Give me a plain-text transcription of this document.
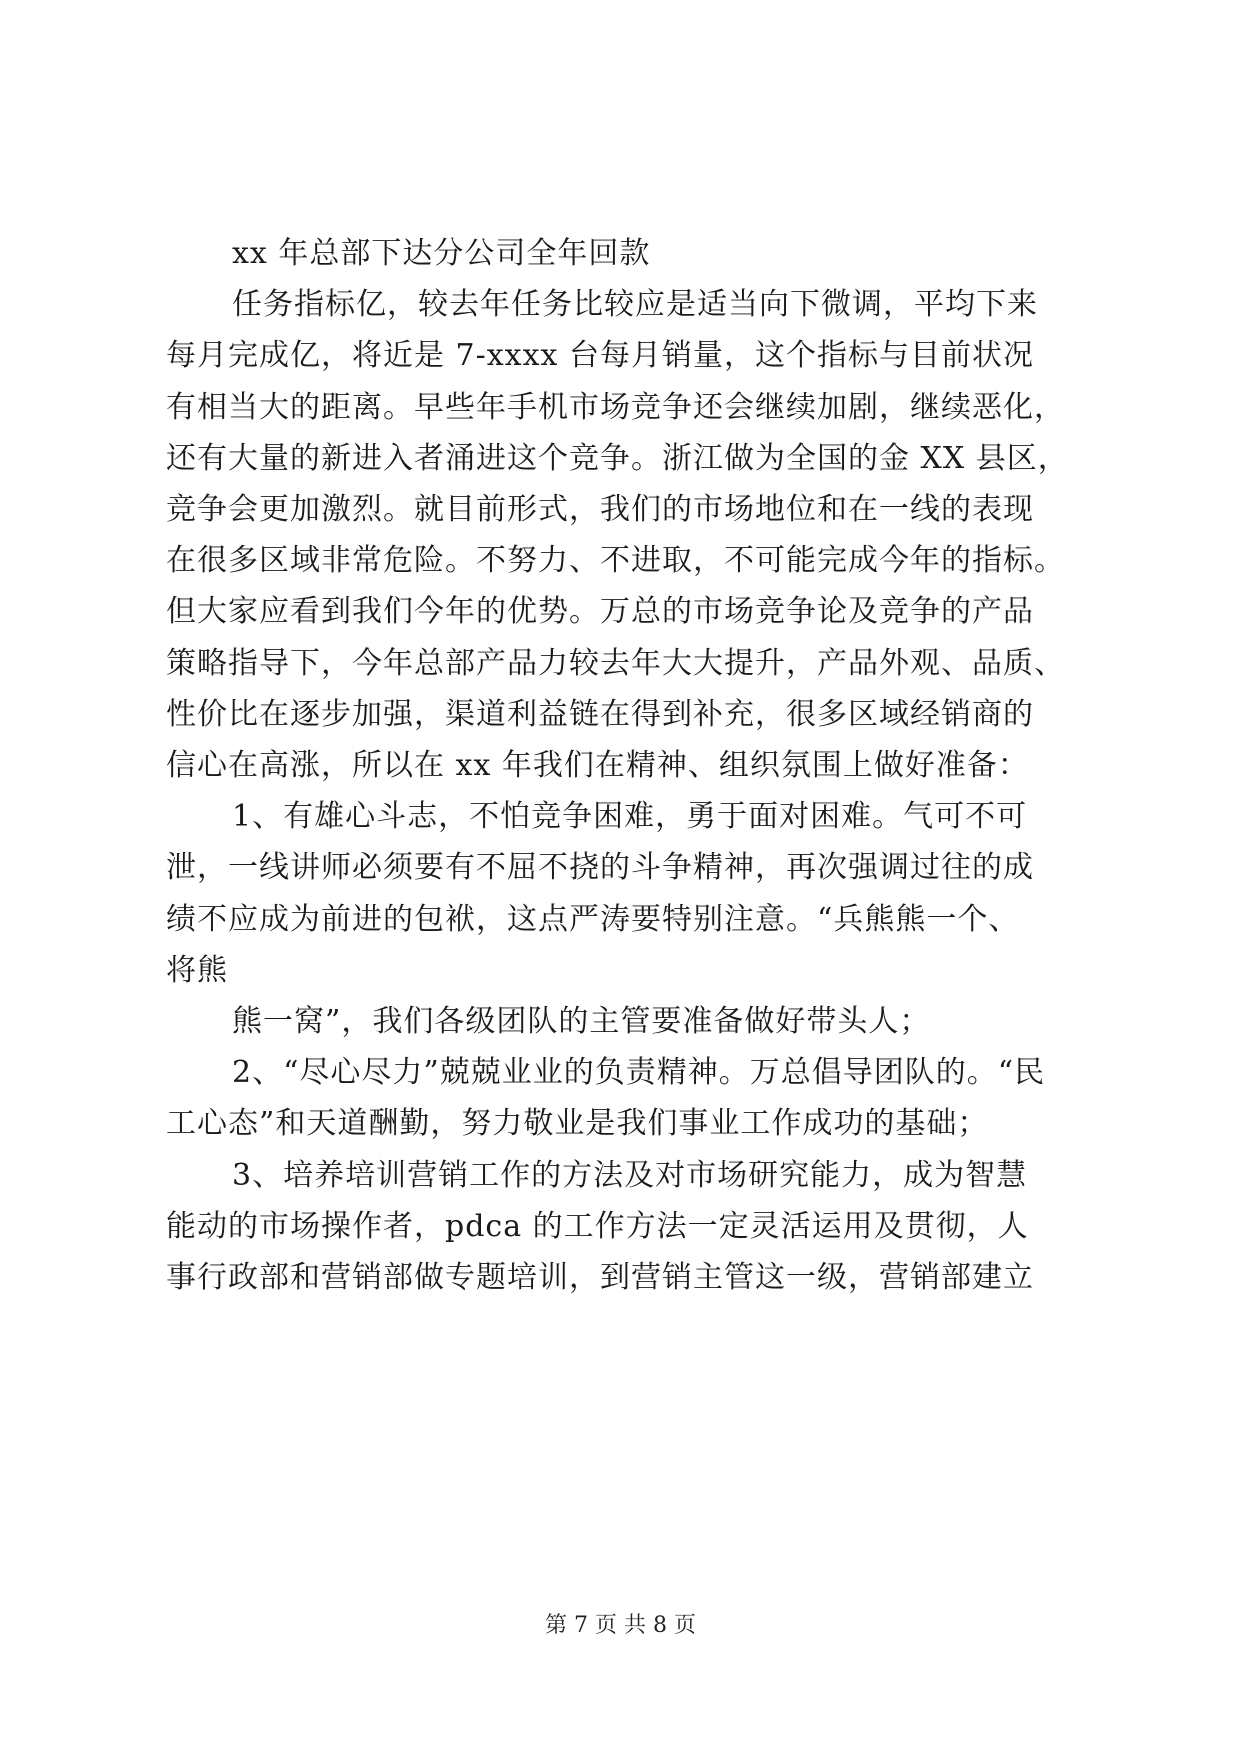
xx 年总部下达分公司全年回款
任务指标亿，较去年任务比较应是适当向下微调，平均下来
每月完成亿，将近是 7-xxxx 台每月销量，这个指标与目前状况
有相当大的距离。早些年手机市场竞争还会继续加剧，继续恶化，
还有大量的新进入者涌进这个竞争。浙江做为全国的金 XX 县区，
竞争会更加激烈。就目前形式，我们的市场地位和在一线的表现
在很多区域非常危险。不努力、不进取，不可能完成今年的指标。
但大家应看到我们今年的优势。万总的市场竞争论及竞争的产品
策略指导下，今年总部产品力较去年大大提升，产品外观、品质、
性价比在逐步加强，渠道利益链在得到补充，很多区域经销商的
信心在高涨，所以在 xx 年我们在精神、组织氛围上做好准备：
1、有雄心斗志，不怕竞争困难，勇于面对困难。气可不可
泄，一线讲师必须要有不屈不挠的斗争精神，再次强调过往的成
绩不应成为前进的包袱，这点严涛要特别注意。“兵熊熊一个、
将熊
熊一窝”，我们各级团队的主管要准备做好带头人；
2、“尽心尽力”兢兢业业的负责精神。万总倡导团队的。“民
工心态”和天道酬勤，努力敬业是我们事业工作成功的基础；
3、培养培训营销工作的方法及对市场研究能力，成为智慧
能动的市场操作者，pdca 的工作方法一定灵活运用及贯彻，人
事行政部和营销部做专题培训，到营销主管这一级，营销部建立
第 7 页 共 8 页
